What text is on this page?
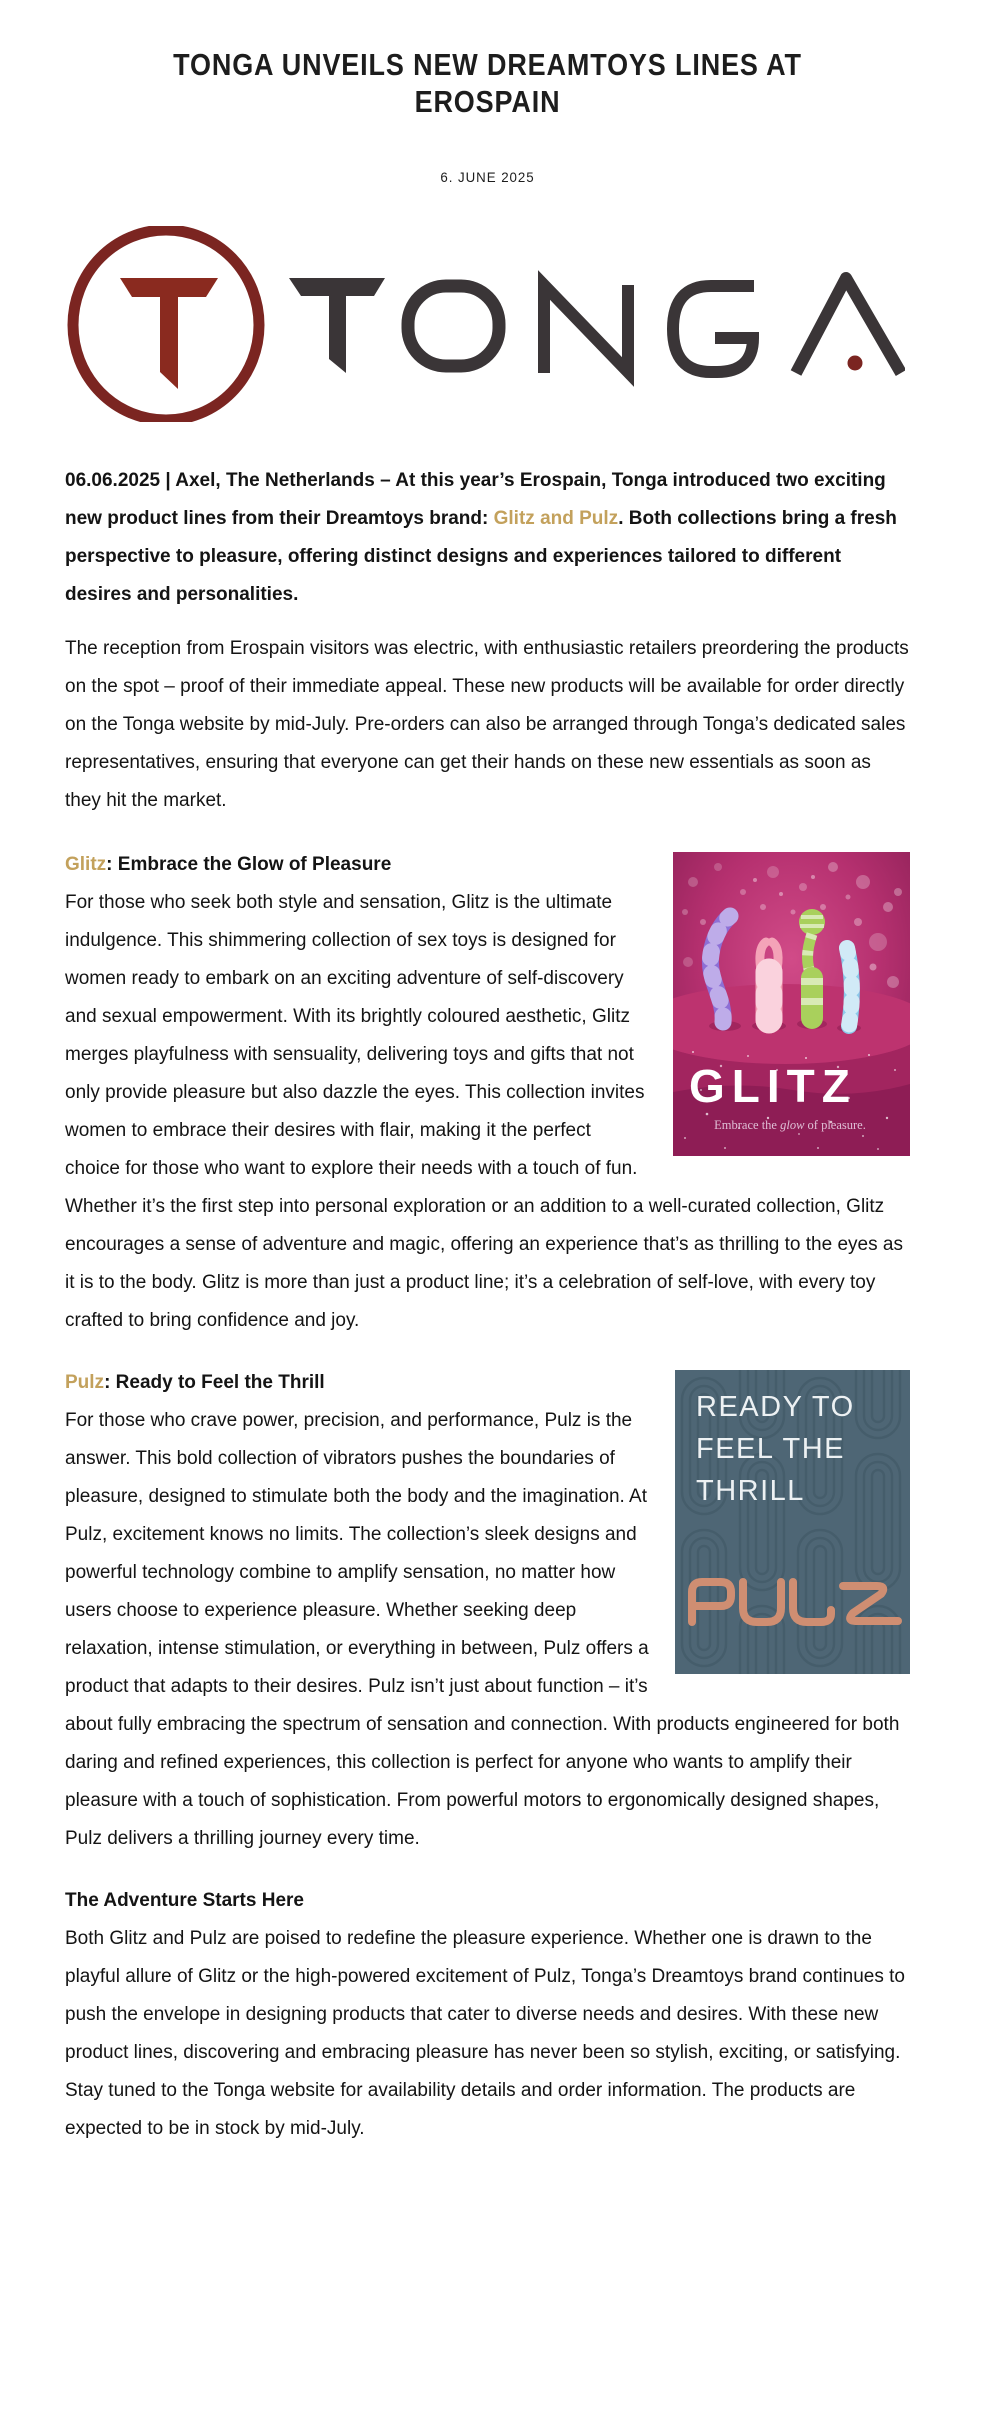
TONGA UNVEILS NEW DREAMTOYS LINES AT EROSPAIN
6. JUNE 2025

06.06.2025 | Axel, The Netherlands – At this year’s Erospain, Tonga introduced two exciting new product lines from their Dreamtoys brand: Glitz and Pulz. Both collections bring a fresh perspective to pleasure, offering distinct designs and experiences tailored to different desires and personalities.

The reception from Erospain visitors was electric, with enthusiastic retailers preordering the products on the spot – proof of their immediate appeal. These new products will be available for order directly on the Tonga website by mid-July. Pre-orders can also be arranged through Tonga’s dedicated sales representatives, ensuring that everyone can get their hands on these new essentials as soon as they hit the market.

GLITZ
Embrace the glow of pleasure.

Glitz: Embrace the Glow of Pleasure

For those who seek both style and sensation, Glitz is the ultimate indulgence. This shimmering collection of sex toys is designed for women ready to embark on an exciting adventure of self-discovery and sexual empowerment. With its brightly coloured aesthetic, Glitz merges playfulness with sensuality, delivering toys and gifts that not only provide pleasure but also dazzle the eyes. This collection invites women to embrace their desires with flair, making it the perfect choice for those who want to explore their needs with a touch of fun. Whether it’s the first step into personal exploration or an addition to a well-curated collection, Glitz encourages a sense of adventure and magic, offering an experience that’s as thrilling to the eyes as it is to the body. Glitz is more than just a product line; it’s a celebration of self-love, with every toy crafted to bring confidence and joy.

READY TO
FEEL THE
THRILL

Pulz: Ready to Feel the Thrill

For those who crave power, precision, and performance, Pulz is the answer. This bold collection of vibrators pushes the boundaries of pleasure, designed to stimulate both the body and the imagination. At Pulz, excitement knows no limits. The collection’s sleek designs and powerful technology combine to amplify sensation, no matter how users choose to experience pleasure. Whether seeking deep relaxation, intense stimulation, or everything in between, Pulz offers a product that adapts to their desires. Pulz isn’t just about function – it’s about fully embracing the spectrum of sensation and connection. With products engineered for both daring and refined experiences, this collection is perfect for anyone who wants to amplify their pleasure with a touch of sophistication. From powerful motors to ergonomically designed shapes, Pulz delivers a thrilling journey every time.

The Adventure Starts Here

Both Glitz and Pulz are poised to redefine the pleasure experience. Whether one is drawn to the playful allure of Glitz or the high-powered excitement of Pulz, Tonga’s Dreamtoys brand continues to push the envelope in designing products that cater to diverse needs and desires. With these new product lines, discovering and embracing pleasure has never been so stylish, exciting, or satisfying. Stay tuned to the Tonga website for availability details and order information. The products are expected to be in stock by mid-July.
